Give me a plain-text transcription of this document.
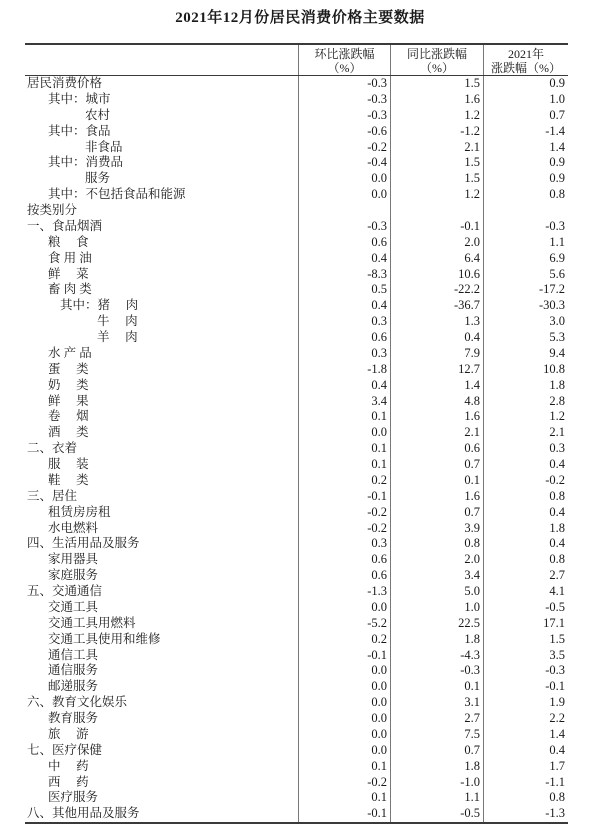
2021年12月份居民消费价格主要数据
环比涨跌幅
（%）
同比涨跌幅
（%）
2021年
涨跌幅（%）
居民消费价格	-0.3	1.5	0.9
其中：城市	-0.3	1.6	1.0
农村	-0.3	1.2	0.7
其中：食品	-0.6	-1.2	-1.4
非食品	-0.2	2.1	1.4
其中：消费品	-0.4	1.5	0.9
服务	0.0	1.5	0.9
其中：不包括食品和能源	0.0	1.2	0.8
按类别分
一、食品烟酒	-0.3	-0.1	-0.3
粮　 食	0.6	2.0	1.1
食 用 油	0.4	6.4	6.9
鲜　 菜	-8.3	10.6	5.6
畜 肉 类	0.5	-22.2	-17.2
其中：猪　 肉	0.4	-36.7	-30.3
牛　 肉	0.3	1.3	3.0
羊　 肉	0.6	0.4	5.3
水 产 品	0.3	7.9	9.4
蛋　 类	-1.8	12.7	10.8
奶　 类	0.4	1.4	1.8
鲜　 果	3.4	4.8	2.8
卷　 烟	0.1	1.6	1.2
酒　 类	0.0	2.1	2.1
二、衣着	0.1	0.6	0.3
服　 装	0.1	0.7	0.4
鞋　 类	0.2	0.1	-0.2
三、居住	-0.1	1.6	0.8
租赁房房租	-0.2	0.7	0.4
水电燃料	-0.2	3.9	1.8
四、生活用品及服务	0.3	0.8	0.4
家用器具	0.6	2.0	0.8
家庭服务	0.6	3.4	2.7
五、交通通信	-1.3	5.0	4.1
交通工具	0.0	1.0	-0.5
交通工具用燃料	-5.2	22.5	17.1
交通工具使用和维修	0.2	1.8	1.5
通信工具	-0.1	-4.3	3.5
通信服务	0.0	-0.3	-0.3
邮递服务	0.0	0.1	-0.1
六、教育文化娱乐	0.0	3.1	1.9
教育服务	0.0	2.7	2.2
旅　 游	0.0	7.5	1.4
七、医疗保健	0.0	0.7	0.4
中　 药	0.1	1.8	1.7
西　 药	-0.2	-1.0	-1.1
医疗服务	0.1	1.1	0.8
八、其他用品及服务	-0.1	-0.5	-1.3
